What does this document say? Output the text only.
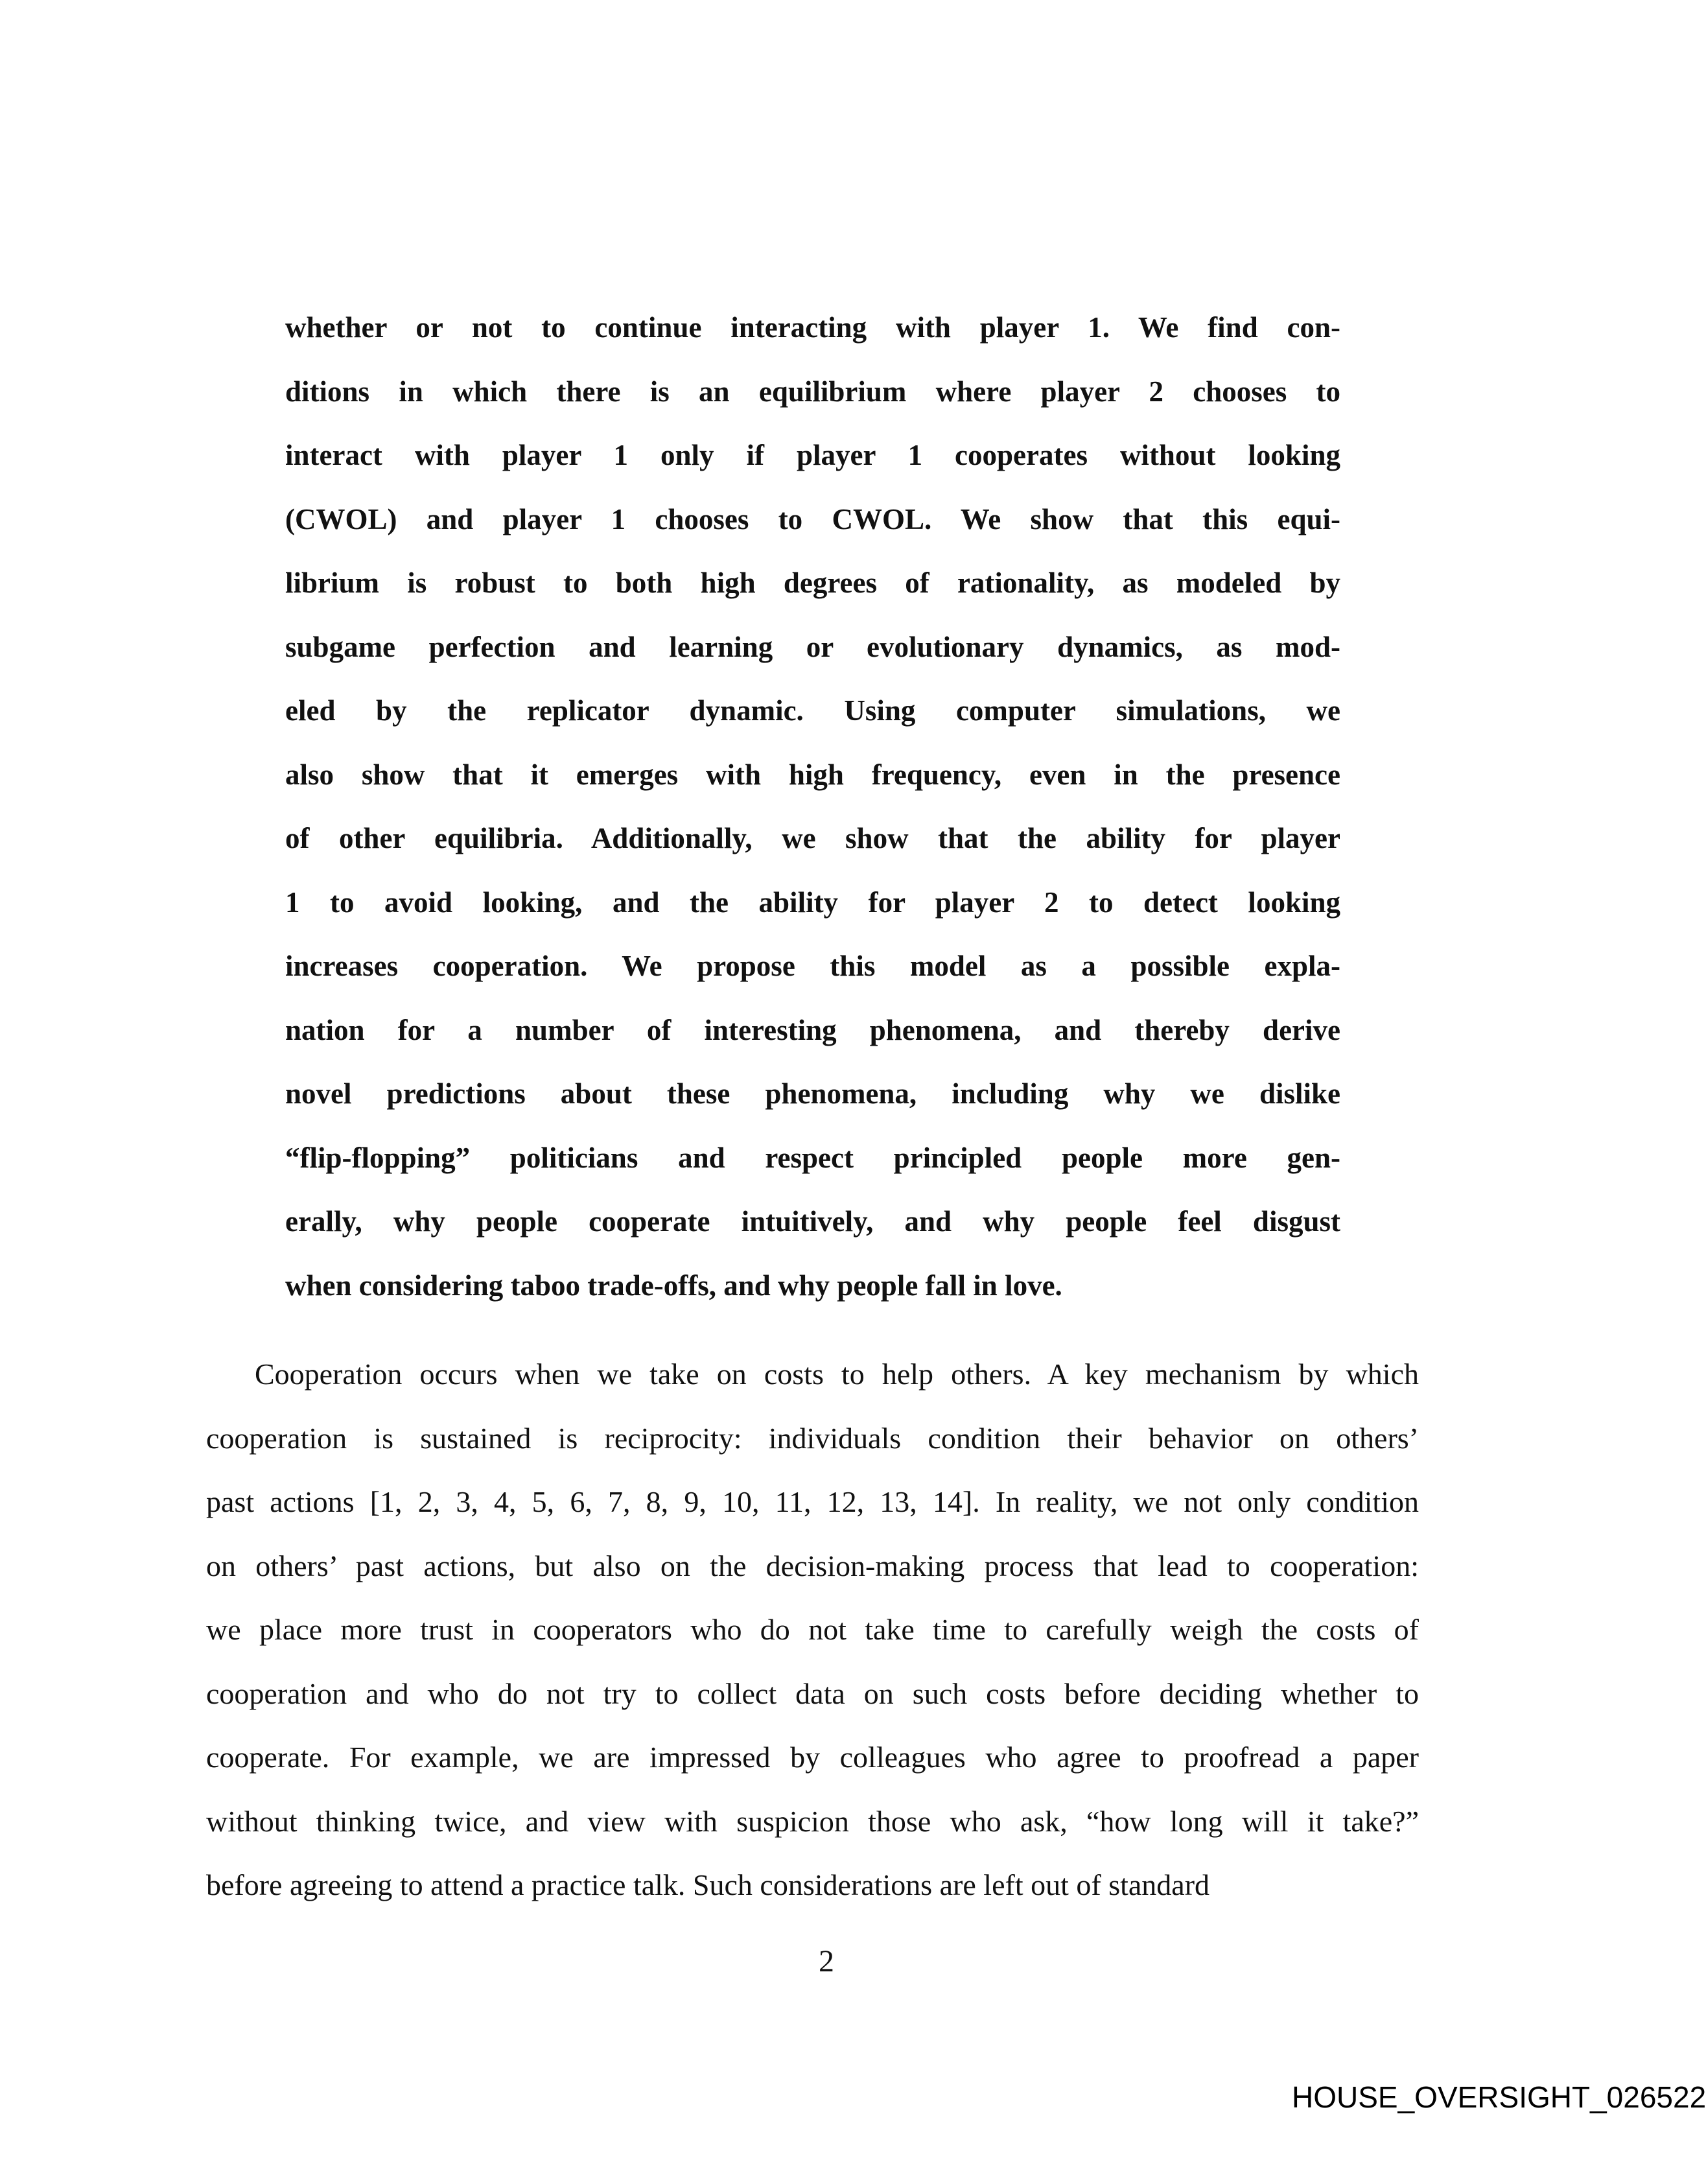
whether or not to continue interacting with player 1. We find con-
ditions in which there is an equilibrium where player 2 chooses to
interact with player 1 only if player 1 cooperates without looking
(CWOL) and player 1 chooses to CWOL. We show that this equi-
librium is robust to both high degrees of rationality, as modeled by
subgame perfection and learning or evolutionary dynamics, as mod-
eled by the replicator dynamic. Using computer simulations, we
also show that it emerges with high frequency, even in the presence
of other equilibria. Additionally, we show that the ability for player
1 to avoid looking, and the ability for player 2 to detect looking
increases cooperation. We propose this model as a possible expla-
nation for a number of interesting phenomena, and thereby derive
novel predictions about these phenomena, including why we dislike
“flip-flopping” politicians and respect principled people more gen-
erally, why people cooperate intuitively, and why people feel disgust
when considering taboo trade-offs, and why people fall in love.
Cooperation occurs when we take on costs to help others. A key mechanism by which
cooperation is sustained is reciprocity: individuals condition their behavior on others’
past actions [1, 2, 3, 4, 5, 6, 7, 8, 9, 10, 11, 12, 13, 14]. In reality, we not only condition
on others’ past actions, but also on the decision-making process that lead to cooperation:
we place more trust in cooperators who do not take time to carefully weigh the costs of
cooperation and who do not try to collect data on such costs before deciding whether to
cooperate. For example, we are impressed by colleagues who agree to proofread a paper
without thinking twice, and view with suspicion those who ask, “how long will it take?”
before agreeing to attend a practice talk. Such considerations are left out of standard
2
HOUSE_OVERSIGHT_026522
